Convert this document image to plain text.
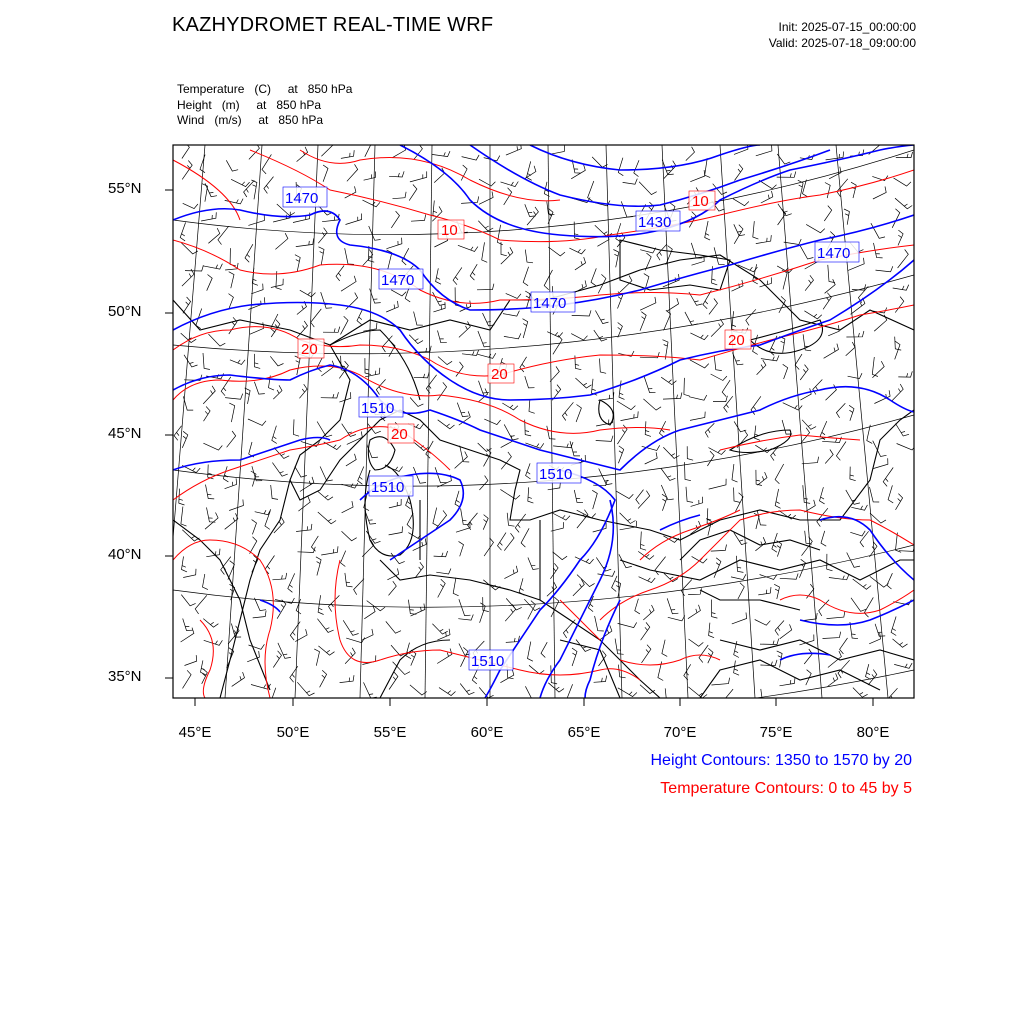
KAZHYDROMET REAL-TIME WRF	Init: 2025-07-15_00:00:00
Valid: 2025-07-18_09:00:00
Temperature   (C)     at   850 hPa
Height   (m)     at   850 hPa
Wind   (m/s)     at   850 hPa
1470
1470
1470
1430
1470
1510
1510
1510
1510
10
10
20
20
20
20
55°N
50°N
45°N
40°N
35°N
45°E	50°E	55°E	60°E	65°E	70°E	75°E	80°E
Height Contours: 1350 to 1570 by 20
Temperature Contours: 0 to 45 by 5
